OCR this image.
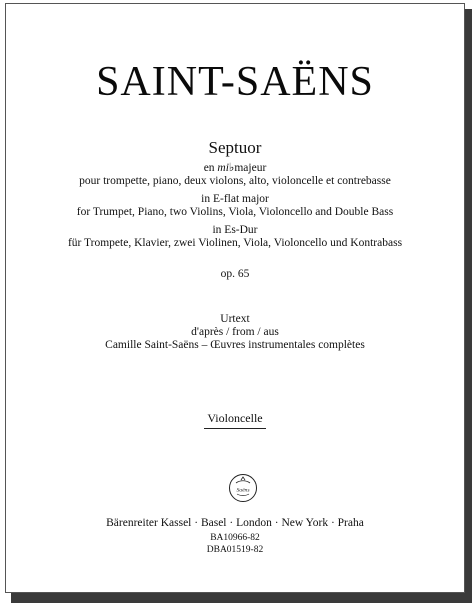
SAINT-SAËNS
Septuor
en mi♭majeur
pour trompette, piano, deux violons, alto, violoncelle et contrebasse
in E-flat major
for Trumpet, Piano, two Violins, Viola, Violoncello and Double Bass
in Es-Dur
für Trompete, Klavier, zwei Violinen, Viola, Violoncello und Kontrabass
op. 65
Urtext
d'après / from / aus
Camille Saint-Saëns – Œuvres instrumentales complètes
Violoncelle
Saëns
Bärenreiter Kassel · Basel · London · New York · Praha
BA10966-82
DBA01519-82
